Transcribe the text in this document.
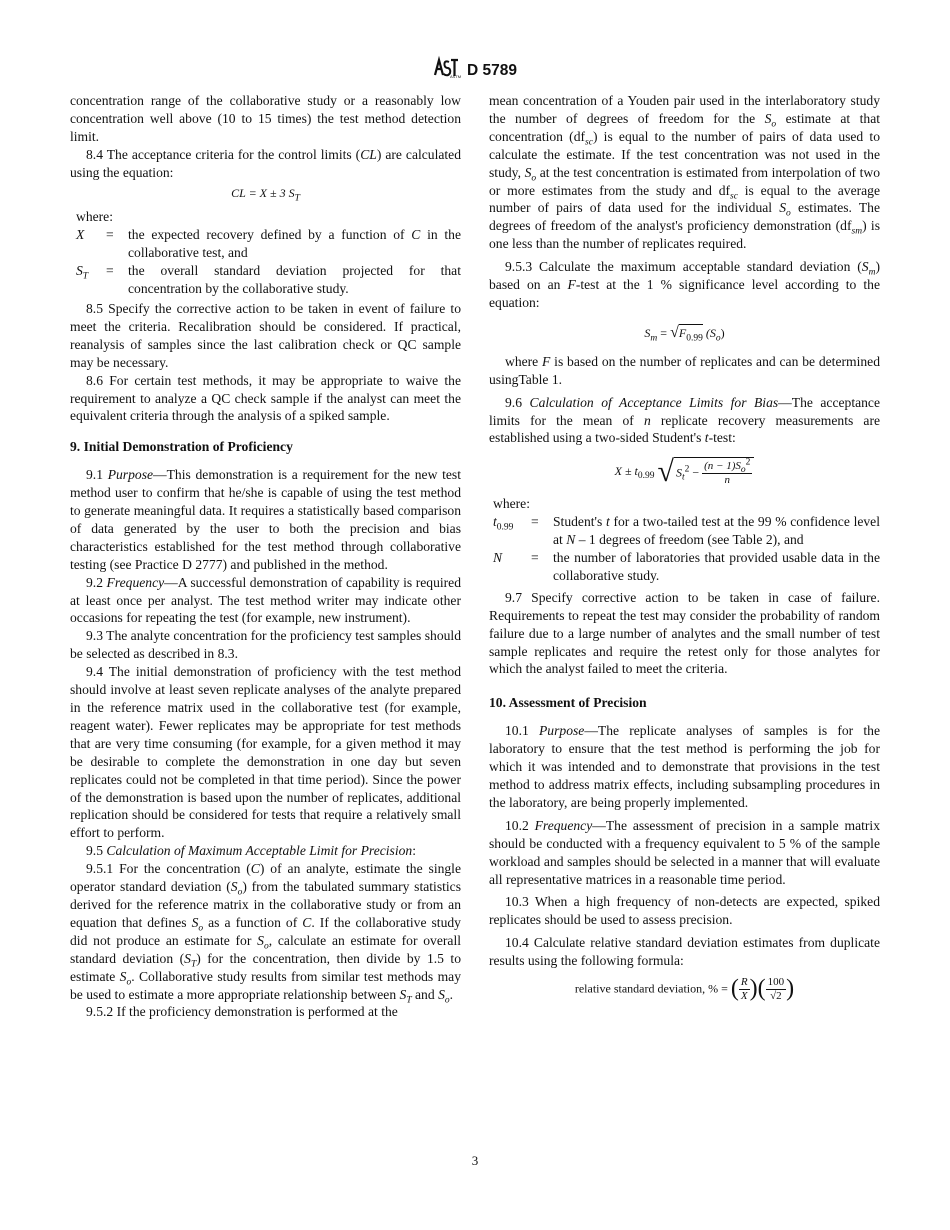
ASTM D 5789

concentration range of the collaborative study or a reasonably low concentration well above (10 to 15 times) the test method detection limit.

8.4 The acceptance criteria for the control limits (CL) are calculated using the equation:

CL = X ± 3 $S_T$
where:
X	=	the expected recovery defined by a function of C in the collaborative test, and
$S_T$	=	the overall standard deviation projected for that concentration by the collaborative study.

8.5 Specify the corrective action to be taken in event of failure to meet the criteria. Recalibration should be considered. If practical, reanalysis of samples since the last calibration check or QC sample may be necessary.

8.6 For certain test methods, it may be appropriate to waive the requirement to analyze a QC check sample if the analyst can meet the equivalent criteria through the analysis of a spiked sample.

9. Initial Demonstration of Proficiency

9.1 Purpose—This demonstration is a requirement for the new test method user to confirm that he/she is capable of using the test method to generate meaningful data. It requires a statistically based comparison of data generated by the user to both the precision and bias characteristics established for the test method through collaborative testing (see Practice D 2777) and published in the method.

9.2 Frequency—A successful demonstration of capability is required at least once per analyst. The test method writer may indicate other occasions for repeating the test (for example, new instrument).

9.3 The analyte concentration for the proficiency test samples should be selected as described in 8.3.

9.4 The initial demonstration of proficiency with the test method should involve at least seven replicate analyses of the analyte prepared in the reference matrix used in the collaborative test (for example, reagent water). Fewer replicates may be appropriate for test methods that are very time consuming (for example, for a given method it may be desirable to complete the demonstration in one day but seven replicates could not be completed in that time period). Since the power of the demonstration is based upon the number of replicates, additional replication should be considered for tests that require a relatively small effort to perform.

9.5 Calculation of Maximum Acceptable Limit for Precision:

9.5.1 For the concentration (C) of an analyte, estimate the single operator standard deviation $(S_o)$ from the tabulated summary statistics derived for the reference matrix in the collaborative study or from an equation that defines $S_o$ as a function of C. If the collaborative study did not produce an estimate for $S_o$, calculate an estimate for overall standard deviation $(S_T)$ for the concentration, then divide by 1.5 to estimate $S_o$. Collaborative study results from similar test methods may be used to estimate a more appropriate relationship between $S_T$ and $S_o$.

9.5.2 If the proficiency demonstration is performed at the

mean concentration of a Youden pair used in the interlaboratory study the number of degrees of freedom for the $S_o$ estimate at that concentration $(df_{sc})$ is equal to the number of pairs of data used to calculate the estimate. If the test concentration was not used in the study, $S_o$ at the test concentration is estimated from interpolation of two or more estimates from the study and $df_{sc}$ is equal to the average number of pairs of data used for the individual $S_o$ estimates. The degrees of freedom of the analyst's proficiency demonstration $(df_{sm})$ is one less than the number of replicates required.

9.5.3 Calculate the maximum acceptable standard deviation $(S_m)$ based on an F-test at the 1 % significance level according to the equation:

$S_m = √F_{0.99}$ $(S_o)$

where F is based on the number of replicates and can be determined usingTable 1.

9.6 Calculation of Acceptance Limits for Bias—The acceptance limits for the mean of n replicate recovery measurements are established using a two-sided Student's t-test:

$X \pm t_{0.99}$ √ $S_t^2 - \frac{(n - 1)S_o^2}{n}$
where:
$t_{0.99}$	=	Student's t for a two-tailed test at the 99 % confidence level at N – 1 degrees of freedom (see Table 2), and
N	=	the number of laboratories that provided usable data in the collaborative study.

9.7 Specify corrective action to be taken in case of failure. Requirements to repeat the test may consider the probability of random failure due to a large number of analytes and the small number of test sample replicates and require the retest only for those analytes for which the analyst failed to meet the criteria.

10. Assessment of Precision

10.1 Purpose—The replicate analyses of samples is for the laboratory to ensure that the test method is performing the job for which it was intended and to demonstrate that provisions in the test method to address matrix effects, including subsampling procedures in the laboratory, are being properly implemented.

10.2 Frequency—The assessment of precision in a sample matrix should be conducted with a frequency equivalent to 5 % of the sample workload and samples should be selected in a manner that will evaluate all representative matrices in a reasonable time period.

10.3 When a high frequency of non-detects are expected, spiked replicates should be used to assess precision.

10.4 Calculate relative standard deviation estimates from duplicate results using the following formula:

relative standard deviation, % = ( $\frac{R}{X}$ )( $\frac{100}{√2}$ )
3
